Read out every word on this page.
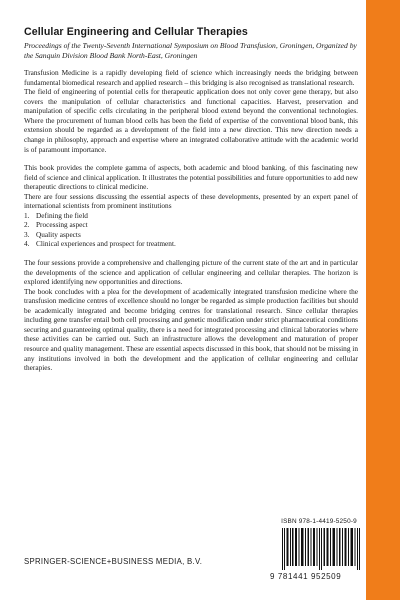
Cellular Engineering and Cellular Therapies
Proceedings of the Twenty-Seventh International Symposium on Blood Transfusion, Groningen, Organized by the Sanquin Division Blood Bank North-East, Groningen

Transfusion Medicine is a rapidly developing field of science which increasingly needs the bridging between fundamental biomedical research and applied research – this bridging is also recognised as translational research.

The field of engineering of potential cells for therapeutic application does not only cover gene therapy, but also covers the manipulation of cellular characteristics and functional capacities. Harvest, preservation and manipulation of specific cells circulating in the peripheral blood extend beyond the conventional technologies. Where the procurement of human blood cells has been the field of expertise of the conventional blood bank, this extension should be regarded as a development of the field into a new direction. This new direction needs a change in philosophy, approach and expertise where an integrated collaborative attitude with the academic world is of paramount importance.

This book provides the complete gamma of aspects, both academic and blood banking, of this fascinating new field of science and clinical application. It illustrates the potential possibilities and future opportunities to add new therapeutic directions to clinical medicine.

There are four sessions discussing the essential aspects of these developments, presented by an expert panel of international scientists from prominent institutions

1. Defining the field
2. Processing aspect
3. Quality aspects
4. Clinical experiences and prospect for treatment.

The four sessions provide a comprehensive and challenging picture of the current state of the art and in particular the developments of the science and application of cellular engineering and cellular therapies. The horizon is explored identifying new opportunities and directions.

The book concludes with a plea for the development of academically integrated transfusion medicine where the transfusion medicine centres of excellence should no longer be regarded as simple production facilities but should be academically integrated and become bridging centres for translational research. Since cellular therapies including gene transfer entail both cell processing and genetic modification under strict pharmaceutical conditions securing and guaranteeing optimal quality, there is a need for integrated processing and clinical laboratories where these activities can be carried out. Such an infrastructure allows the development and maturation of proper resource and quality management. These are essential aspects discussed in this book, that should not be missing in any institutions involved in both the development and the application of cellular engineering and cellular therapies.

ISBN 978-1-4419-5250-9
9 781441 952509
SPRINGER-SCIENCE+BUSINESS MEDIA, B.V.
